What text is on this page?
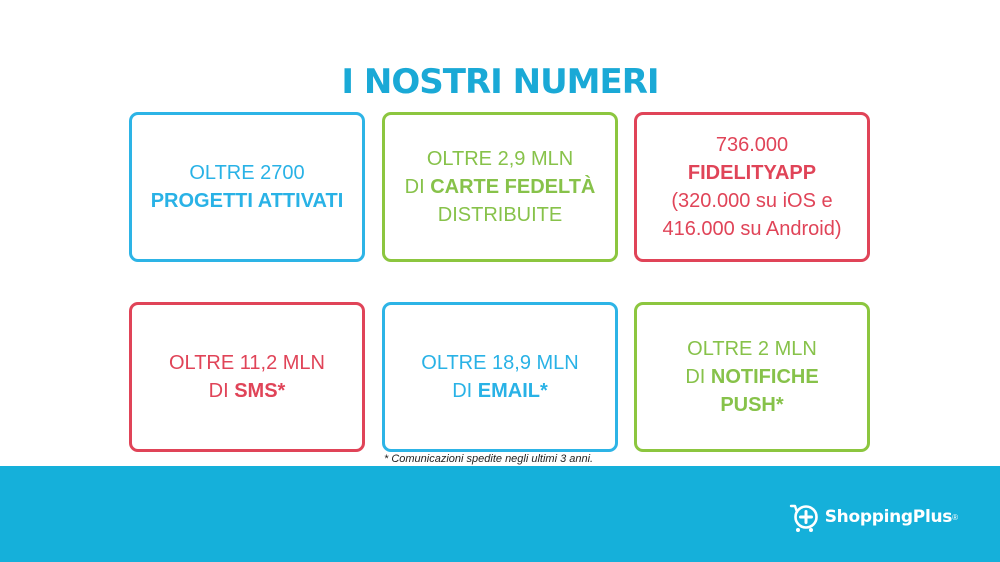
I NOSTRI NUMERI
OLTRE 2700
PROGETTI ATTIVATI
OLTRE 2,9 MLN
DI CARTE FEDELTÀ
DISTRIBUITE
736.000
FIDELITYAPP
(320.000 su iOS e
416.000 su Android)
OLTRE 11,2 MLN
DI SMS*
OLTRE 18,9 MLN
DI EMAIL*
OLTRE 2 MLN
DI NOTIFICHE
PUSH*
* Comunicazioni spedite negli ultimi 3 anni.
ShoppingPlus ®
